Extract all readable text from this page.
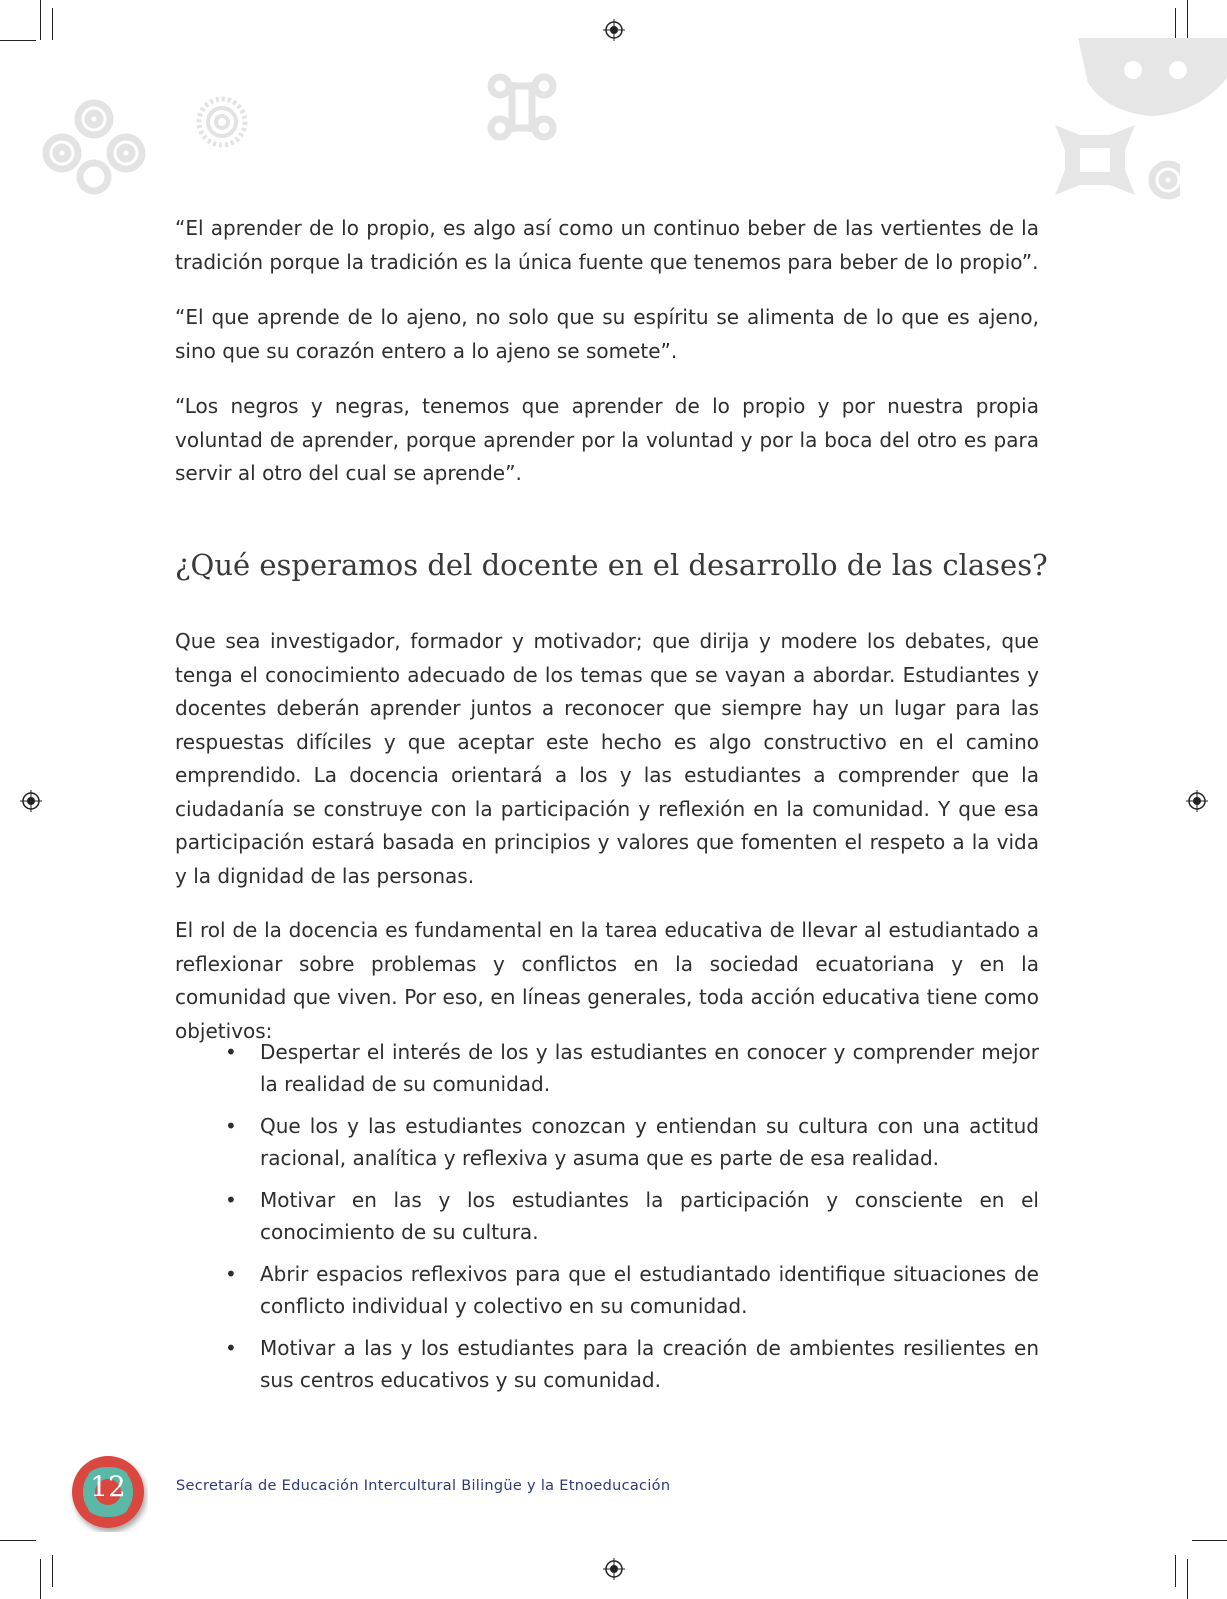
“El aprender de lo propio, es algo así como un continuo beber de las vertientes de la tradición porque la tradición es la única fuente que tenemos para beber de lo propio”.

“El que aprende de lo ajeno, no solo que su espíritu se alimenta de lo que es ajeno, sino que su corazón entero a lo ajeno se somete”.

“Los negros y negras, tenemos que aprender de lo propio y por nuestra propia voluntad de aprender, porque aprender por la voluntad y por la boca del otro es para servir al otro del cual se aprende”.

¿Qué esperamos del docente en el desarrollo de las clases?

Que sea investigador, formador y motivador; que dirija y modere los debates, que tenga el conocimiento adecuado de los temas que se vayan a abordar. Estudiantes y docentes deberán aprender juntos a reconocer que siempre hay un lugar para las respuestas difíciles y que aceptar este hecho es algo constructivo en el camino emprendido. La docencia orientará a los y las estudiantes a comprender que la ciudadanía se construye con la participación y reflexión en la comunidad. Y que esa participación estará basada en principios y valores que fomenten el respeto a la vida y la dignidad de las personas.

El rol de la docencia es fundamental en la tarea educativa de llevar al estudiantado a reflexionar sobre problemas y conflictos en la sociedad ecuatoriana y en la comunidad que viven. Por eso, en líneas generales, toda acción educativa tiene como objetivos:

• Despertar el interés de los y las estudiantes en conocer y comprender mejor la realidad de su comunidad.
• Que los y las estudiantes conozcan y entiendan su cultura con una actitud racional, analítica y reflexiva y asuma que es parte de esa realidad.
• Motivar en las y los estudiantes la participación y consciente en el conocimiento de su cultura.
• Abrir espacios reflexivos para que el estudiantado identifique situaciones de conflicto individual y colectivo en su comunidad.
• Motivar a las y los estudiantes para la creación de ambientes resilientes en sus centros educativos y su comunidad.
12	Secretaría de Educación Intercultural Bilingüe y la Etnoeducación
